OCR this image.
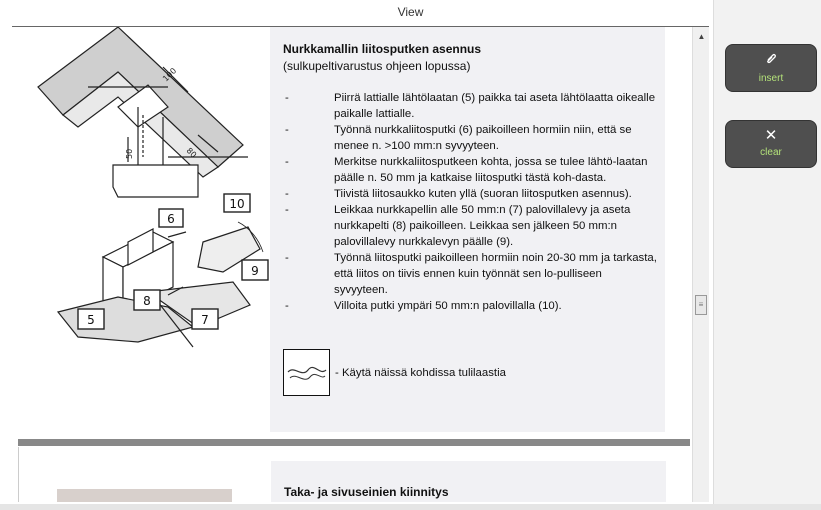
View
100
50	80
10
6
9
8
7
5
Nurkkamallin liitosputken asennus
(sulkupeltivarustus ohjeen lopussa)
- Piirrä lattialle lähtölaatan (5) paikka tai aseta lähtölaatta oikealle paikalle lattialle.
- Työnnä nurkkaliitosputki (6) paikoilleen hormiin niin, että se menee n. >100 mm:n syvyyteen.
- Merkitse nurkkaliitosputkeen kohta, jossa se tulee lähtö-laatan päälle n. 50 mm ja katkaise liitosputki tästä koh-dasta.
- Tiivistä liitosaukko kuten yllä (suoran liitosputken asennus).
- Leikkaa nurkkapellin alle 50 mm:n (7) palovillalevy ja aseta nurkkapelti (8) paikoilleen. Leikkaa sen jälkeen 50 mm:n palovillalevy nurkkalevyn päälle (9).
- Työnnä liitosputki paikoilleen hormiin noin 20-30 mm ja tarkasta, että liitos on tiivis ennen kuin työnnät sen lo-pulliseen syvyyteen.
- Villoita putki ympäri 50 mm:n palovillalla (10).
- Käytä näissä kohdissa tulilaastia
Taka- ja sivuseinien kiinnitys
▲
≡
insert
✕
clear
